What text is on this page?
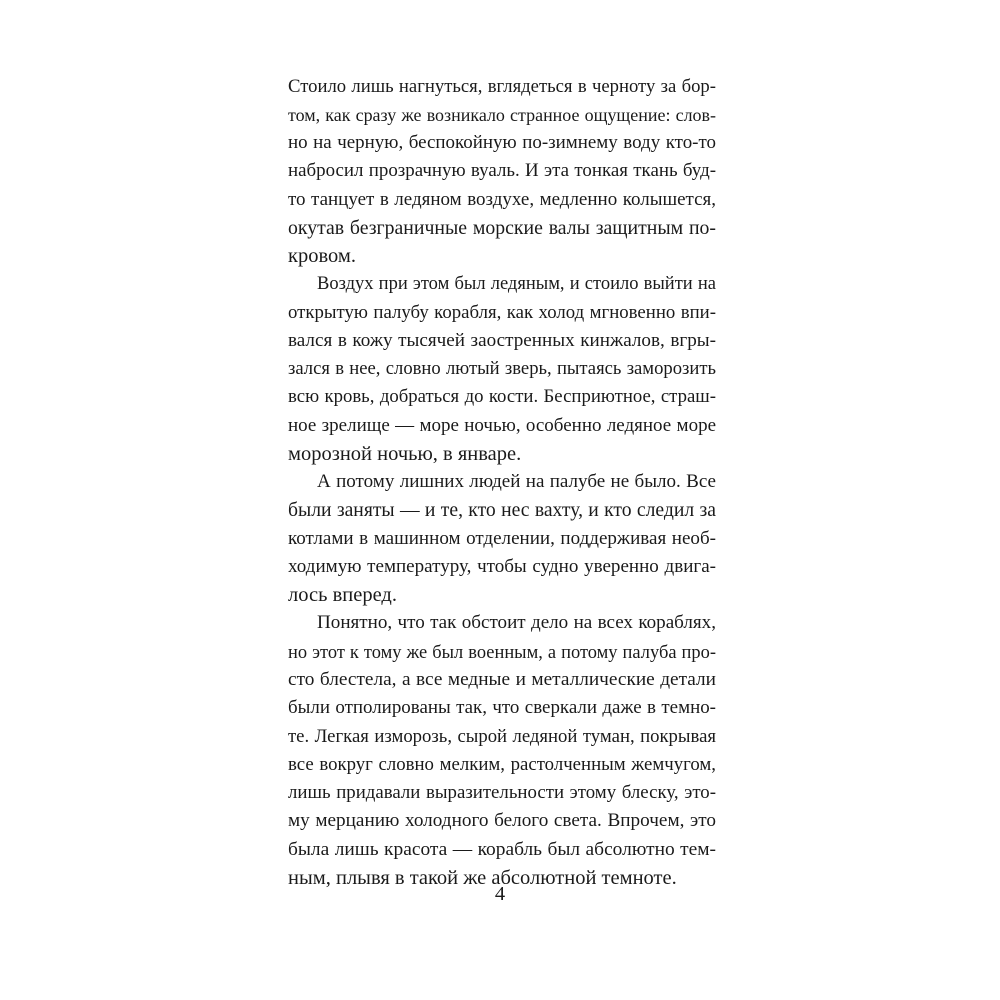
Стоило лишь нагнуться, вглядеться в черноту за бор-
том, как сразу же возникало странное ощущение: слов-
но на черную, беспокойную по-зимнему воду кто-то
набросил прозрачную вуаль. И эта тонкая ткань буд-
то танцует в ледяном воздухе, медленно колышется,
окутав безграничные морские валы защитным по-
кровом.
Воздух при этом был ледяным, и стоило выйти на
открытую палубу корабля, как холод мгновенно впи-
вался в кожу тысячей заостренных кинжалов, вгры-
зался в нее, словно лютый зверь, пытаясь заморозить
всю кровь, добраться до кости. Бесприютное, страш-
ное зрелище — море ночью, особенно ледяное море
морозной ночью, в январе.
А потому лишних людей на палубе не было. Все
были заняты — и те, кто нес вахту, и кто следил за
котлами в машинном отделении, поддерживая необ-
ходимую температуру, чтобы судно уверенно двига-
лось вперед.
Понятно, что так обстоит дело на всех кораблях,
но этот к тому же был военным, а потому палуба про-
сто блестела, а все медные и металлические детали
были отполированы так, что сверкали даже в темно-
те. Легкая изморозь, сырой ледяной туман, покрывая
все вокруг словно мелким, растолченным жемчугом,
лишь придавали выразительности этому блеску, это-
му мерцанию холодного белого света. Впрочем, это
была лишь красота — корабль был абсолютно тем-
ным, плывя в такой же абсолютной темноте.
4
